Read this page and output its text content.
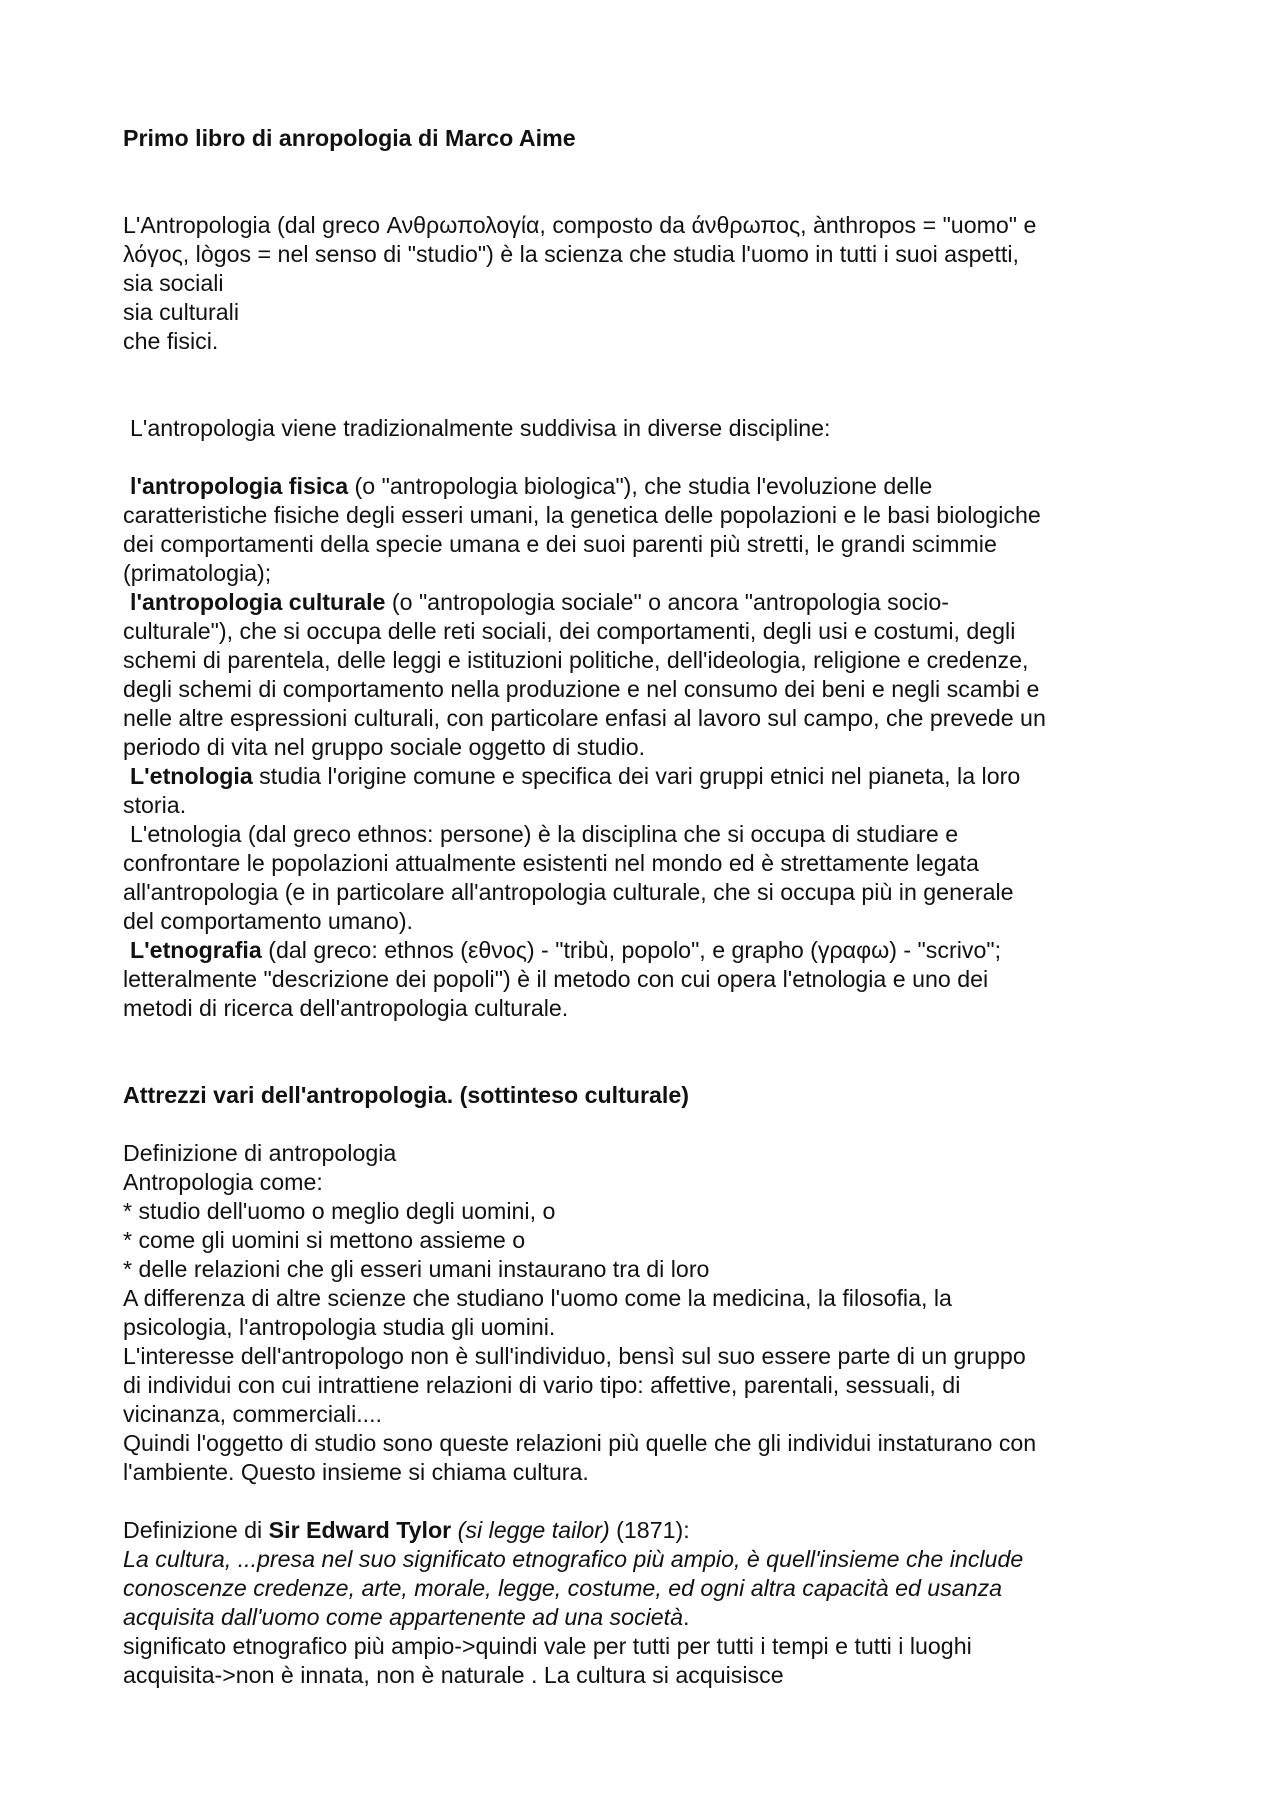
Primo libro di anropologia di Marco Aime

L'Antropologia (dal greco Ανθρωπολογία, composto da άνθρωπος, ànthropos = "uomo" e
λόγος, lògos = nel senso di "studio") è la scienza che studia l'uomo in tutti i suoi aspetti,
sia sociali
sia culturali
che fisici.

L'antropologia viene tradizionalmente suddivisa in diverse discipline:

l'antropologia fisica (o "antropologia biologica"), che studia l'evoluzione delle
caratteristiche fisiche degli esseri umani, la genetica delle popolazioni e le basi biologiche
dei comportamenti della specie umana e dei suoi parenti più stretti, le grandi scimmie
(primatologia);

l'antropologia culturale (o "antropologia sociale" o ancora "antropologia socio-
culturale"), che si occupa delle reti sociali, dei comportamenti, degli usi e costumi, degli
schemi di parentela, delle leggi e istituzioni politiche, dell'ideologia, religione e credenze,
degli schemi di comportamento nella produzione e nel consumo dei beni e negli scambi e
nelle altre espressioni culturali, con particolare enfasi al lavoro sul campo, che prevede un
periodo di vita nel gruppo sociale oggetto di studio.

L'etnologia studia l'origine comune e specifica dei vari gruppi etnici nel pianeta, la loro
storia.

L'etnologia (dal greco ethnos: persone) è la disciplina che si occupa di studiare e
confrontare le popolazioni attualmente esistenti nel mondo ed è strettamente legata
all'antropologia (e in particolare all'antropologia culturale, che si occupa più in generale
del comportamento umano).

L'etnografia (dal greco: ethnos (εθνος) - "tribù, popolo", e grapho (γραφω) - "scrivo";
letteralmente "descrizione dei popoli") è il metodo con cui opera l'etnologia e uno dei
metodi di ricerca dell'antropologia culturale.

Attrezzi vari dell'antropologia. (sottinteso culturale)

Definizione di antropologia
Antropologia come:
* studio dell'uomo o meglio degli uomini, o
* come gli uomini si mettono assieme o
* delle relazioni che gli esseri umani instaurano tra di loro
A differenza di altre scienze che studiano l'uomo come la medicina, la filosofia, la
psicologia, l'antropologia studia gli uomini.
L'interesse dell'antropologo non è sull'individuo, bensì sul suo essere parte di un gruppo
di individui con cui intrattiene relazioni di vario tipo: affettive, parentali, sessuali, di
vicinanza, commerciali....
Quindi l'oggetto di studio sono queste relazioni più quelle che gli individui instaturano con
l'ambiente. Questo insieme si chiama cultura.

Definizione di Sir Edward Tylor (si legge tailor) (1871):
La cultura, ...presa nel suo significato etnografico più ampio, è quell'insieme che include
conoscenze credenze, arte, morale, legge, costume, ed ogni altra capacità ed usanza
acquisita dall'uomo come appartenente ad una società.
significato etnografico più ampio->quindi vale per tutti per tutti i tempi e tutti i luoghi
acquisita->non è innata, non è naturale . La cultura si acquisisce
